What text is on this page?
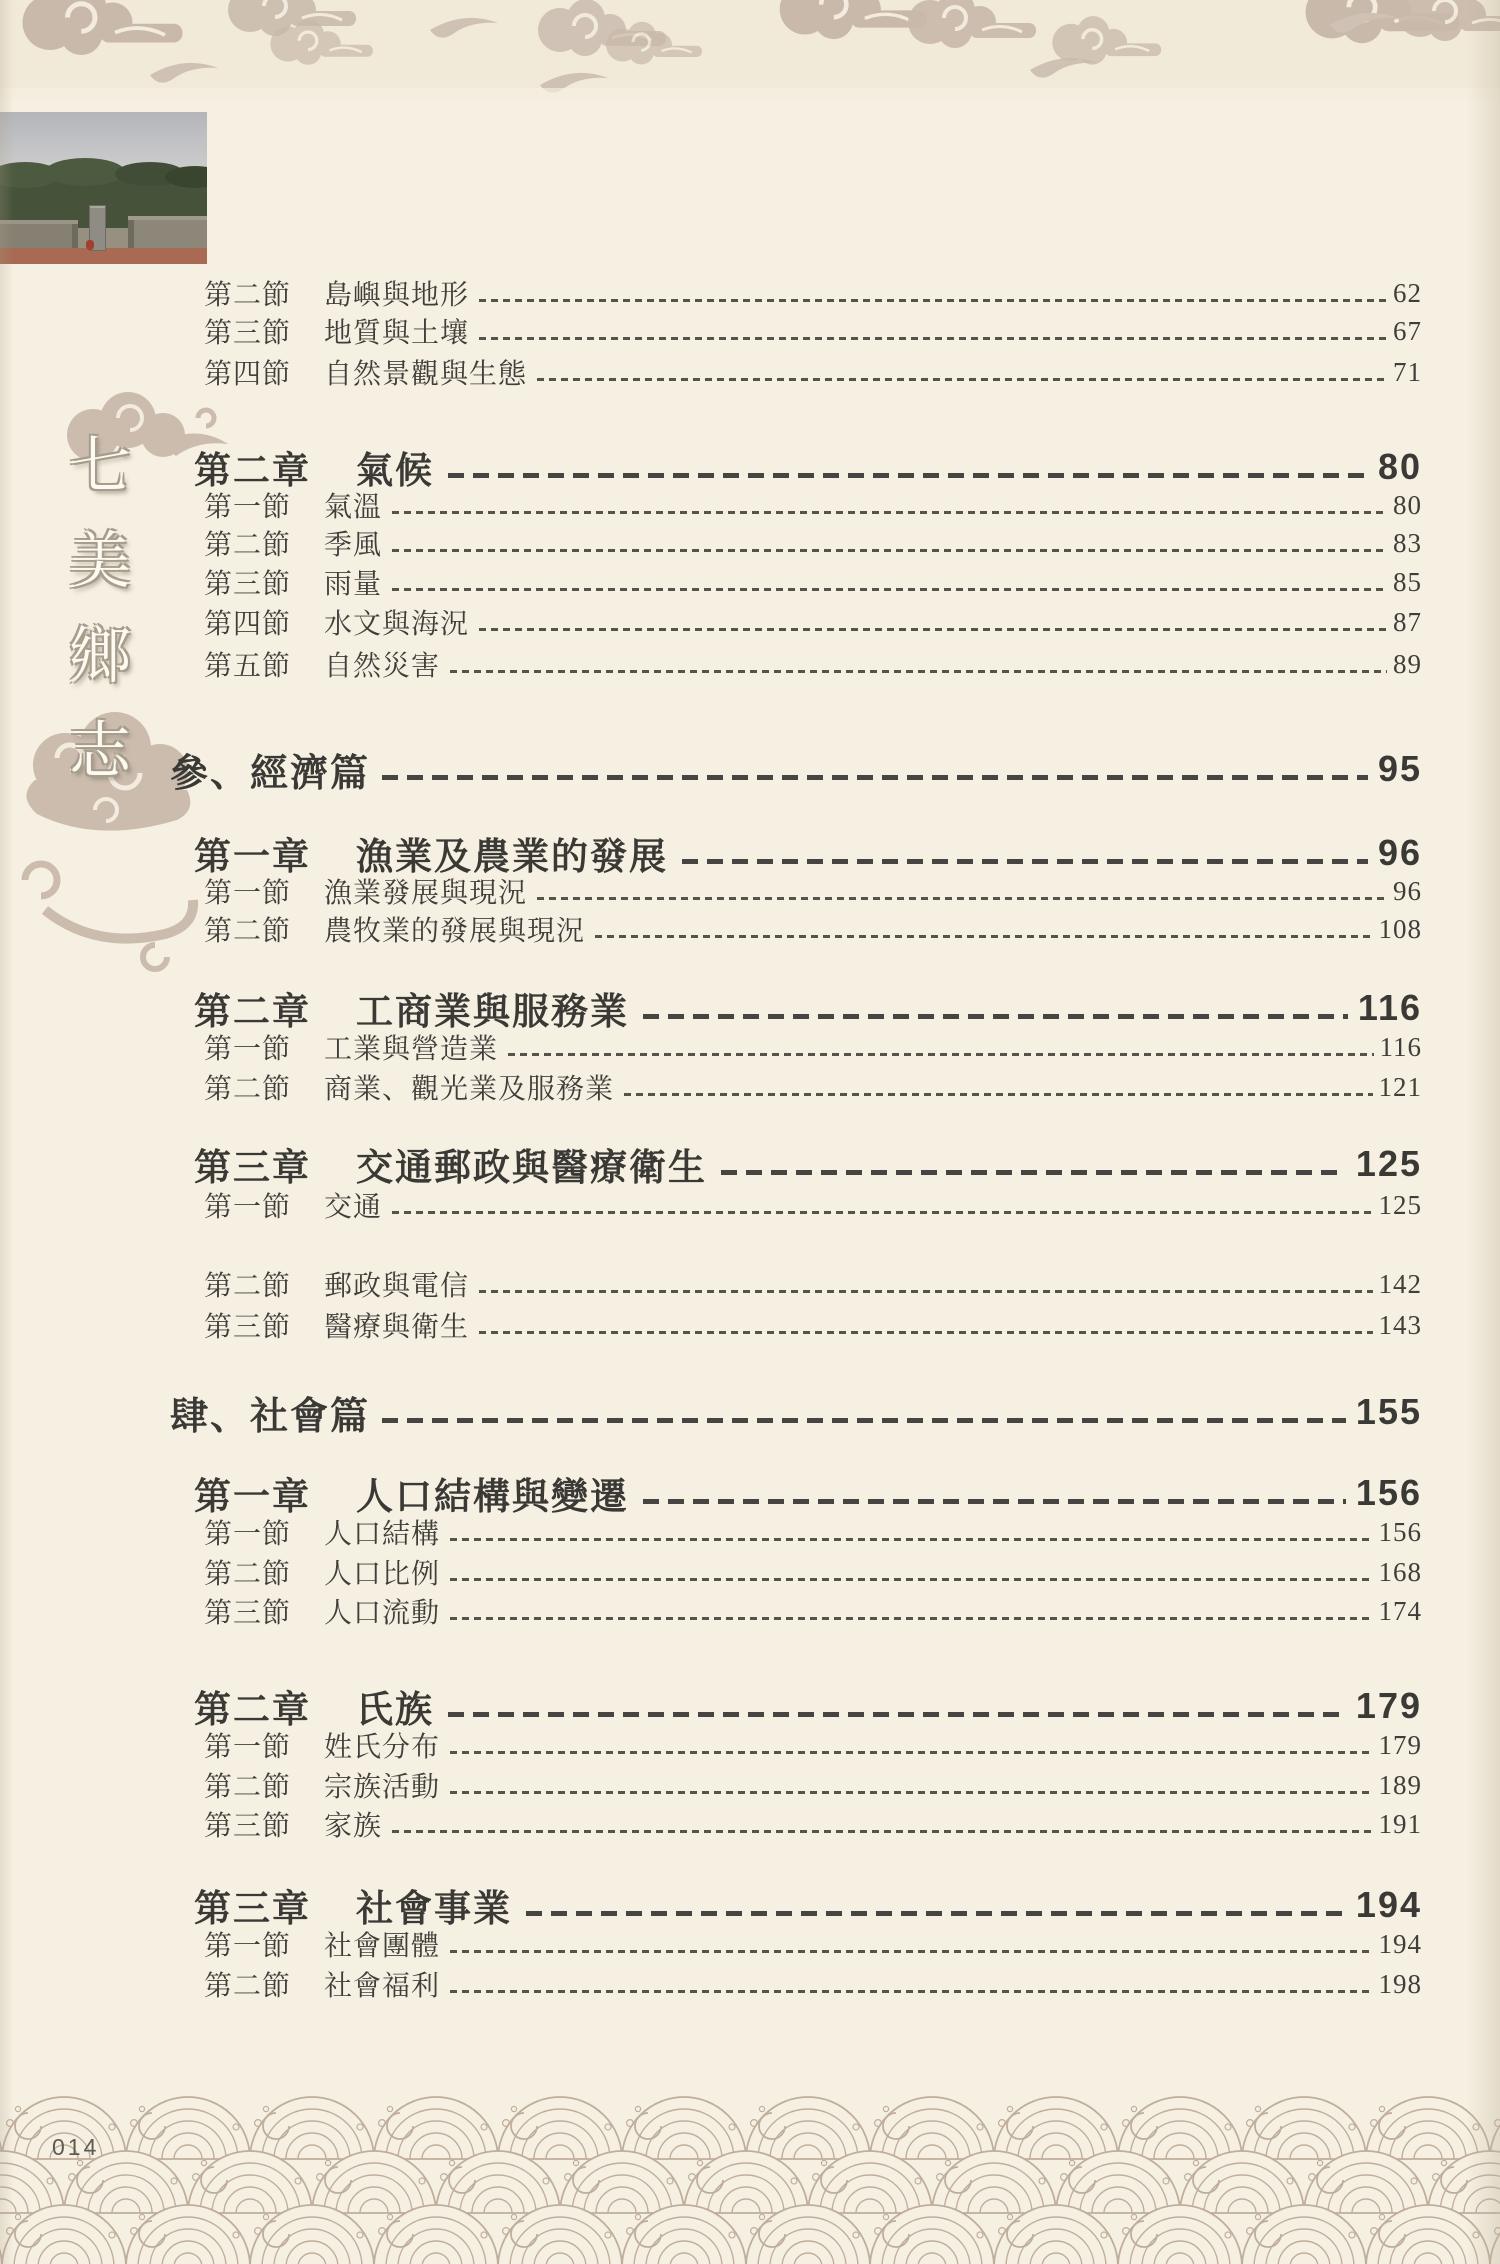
七
美
鄉
志
第二節	島嶼與地形	62
第三節	地質與土壤	67
第四節	自然景觀與生態	71
第二章 氣候	80
第一節	氣溫	80
第二節	季風	83
第三節	雨量	85
第四節	水文與海況	87
第五節	自然災害	89
參、經濟篇	95
第一章 漁業及農業的發展	96
第一節	漁業發展與現況	96
第二節	農牧業的發展與現況	108
第二章 工商業與服務業	116
第一節	工業與營造業	116
第二節	商業、觀光業及服務業	121
第三章 交通郵政與醫療衛生	125
第一節	交通	125
第二節	郵政與電信	142
第三節	醫療與衛生	143
肆、社會篇	155
第一章 人口結構與變遷	156
第一節	人口結構	156
第二節	人口比例	168
第三節	人口流動	174
第二章 氏族	179
第一節	姓氏分布	179
第二節	宗族活動	189
第三節	家族	191
第三章 社會事業	194
第一節	社會團體	194
第二節	社會福利	198
014
